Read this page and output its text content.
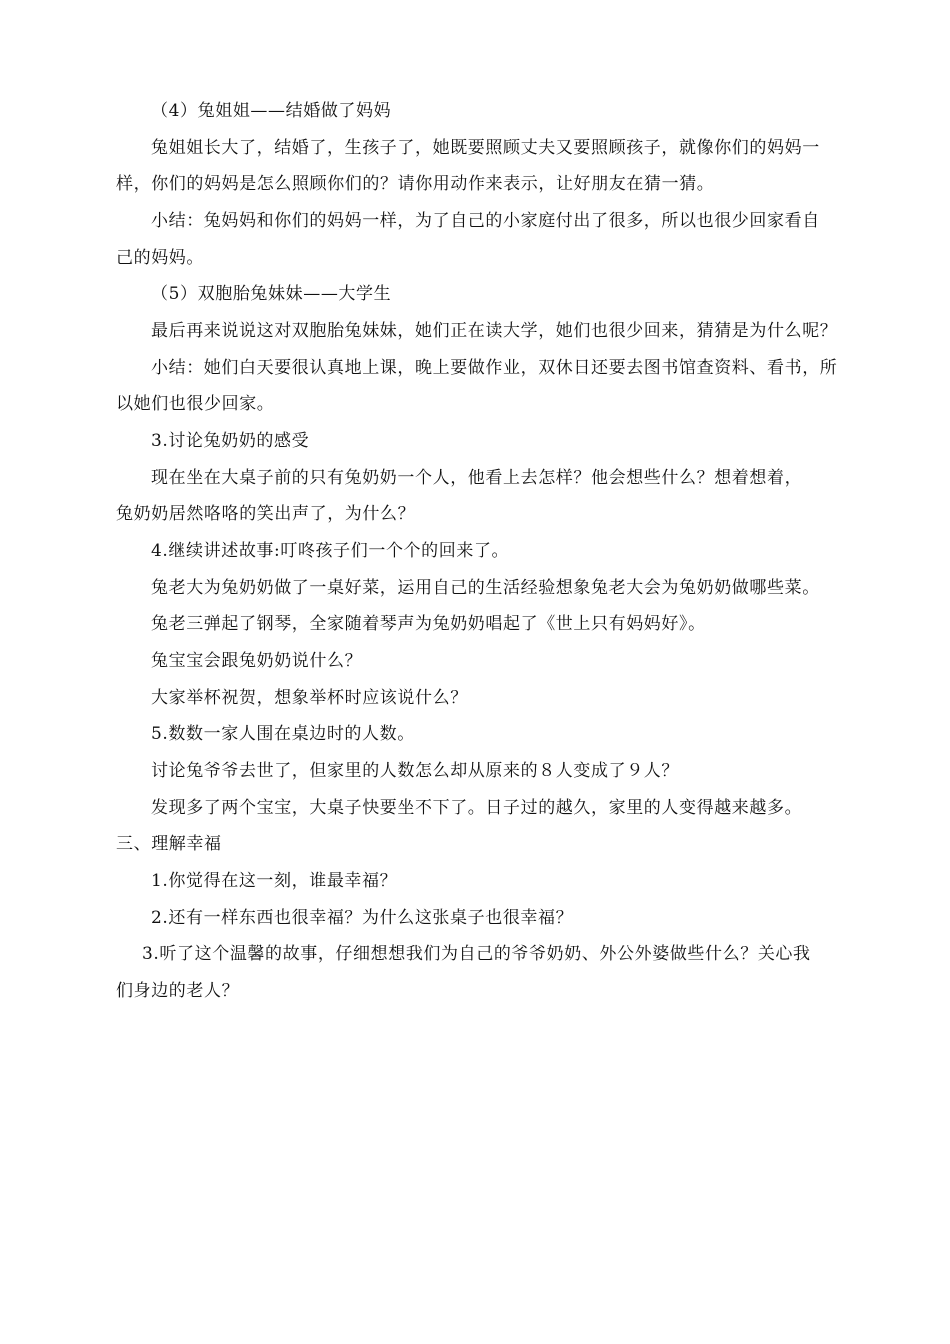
（4）兔姐姐——结婚做了妈妈
兔姐姐长大了，结婚了，生孩子了，她既要照顾丈夫又要照顾孩子，就像你们的妈妈一
样，你们的妈妈是怎么照顾你们的？请你用动作来表示，让好朋友在猜一猜。
小结：兔妈妈和你们的妈妈一样，为了自己的小家庭付出了很多，所以也很少回家看自
己的妈妈。
（5）双胞胎兔妹妹——大学生
最后再来说说这对双胞胎兔妹妹，她们正在读大学，她们也很少回来，猜猜是为什么呢？
小结：她们白天要很认真地上课，晚上要做作业，双休日还要去图书馆查资料、看书，所
以她们也很少回家。
3.讨论兔奶奶的感受
现在坐在大桌子前的只有兔奶奶一个人，他看上去怎样？他会想些什么？想着想着，
兔奶奶居然咯咯的笑出声了，为什么？
4.继续讲述故事:叮咚孩子们一个个的回来了。
兔老大为兔奶奶做了一桌好菜，运用自己的生活经验想象兔老大会为兔奶奶做哪些菜。
兔老三弹起了钢琴，全家随着琴声为兔奶奶唱起了《世上只有妈妈好》。
兔宝宝会跟兔奶奶说什么？
大家举杯祝贺，想象举杯时应该说什么？
5.数数一家人围在桌边时的人数。
讨论兔爷爷去世了，但家里的人数怎么却从原来的８人变成了９人？
发现多了两个宝宝，大桌子快要坐不下了。日子过的越久，家里的人变得越来越多。
三、理解幸福
1.你觉得在这一刻，谁最幸福？
2.还有一样东西也很幸福？为什么这张桌子也很幸福？
3.听了这个温馨的故事，仔细想想我们为自己的爷爷奶奶、外公外婆做些什么？关心我
们身边的老人？
